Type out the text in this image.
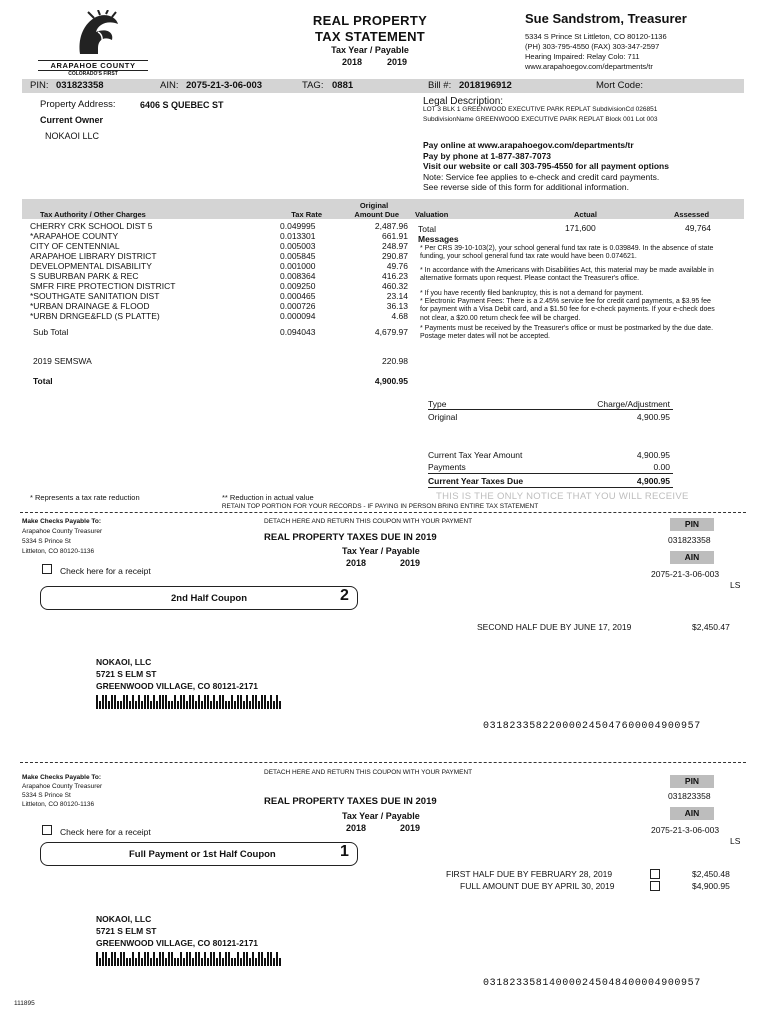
ARAPAHOE COUNTY
COLORADO'S FIRST
REAL PROPERTY
TAX STATEMENT
Tax Year / Payable
2018	2019
Sue Sandstrom, Treasurer
5334 S Prince St Littleton, CO 80120-1136
(PH) 303-795-4550 (FAX) 303-347-2597
Hearing Impaired: Relay Colo: 711
www.arapahoegov.com/departments/tr
PIN: 031823358	AIN: 2075-21-3-06-003	TAG: 0881	Bill #: 2018196912	Mort Code:
Property Address:	6406 S QUEBEC ST
Current Owner
NOKAOI LLC
Legal Description:
LOT 3 BLK 1 GREENWOOD EXECUTIVE PARK REPLAT SubdivisionCd 026851
SubdivisionName GREENWOOD EXECUTIVE PARK REPLAT Block 001 Lot 003
Pay online at www.arapahoegov.com/departments/tr
Pay by phone at 1-877-387-7073
Visit our website or call 303-795-4550 for all payment options
Note: Service fee applies to e-check and credit card payments.
See reverse side of this form for additional information.
Original
Tax Authority / Other Charges	Tax Rate	Amount Due Valuation	Actual	Assessed
CHERRY CRK SCHOOL DIST 5	0.049995	2,487.96
*ARAPAHOE COUNTY	0.013301	661.91
CITY OF CENTENNIAL	0.005003	248.97
ARAPAHOE LIBRARY DISTRICT	0.005845	290.87
DEVELOPMENTAL DISABILITY	0.001000	49.76
S SUBURBAN PARK & REC	0.008364	416.23
SMFR FIRE PROTECTION DISTRICT	0.009250	460.32
*SOUTHGATE SANITATION DIST	0.000465	23.14
*URBAN DRAINAGE & FLOOD	0.000726	36.13
*URBN DRNGE&FLD (S PLATTE)	0.000094	4.68
Sub Total	0.094043	4,679.97
2019 SEMSWA	220.98
Total	4,900.95
Total	171,600	49,764
Messages
* Per CRS 39-10-103(2), your school general fund tax rate is 0.039849. In the absence of state funding, your school general fund tax rate would have been 0.074621.
* In accordance with the Americans with Disabilities Act, this material may be made available in alternative formats upon request. Please contact the Treasurer's office.
* If you have recently filed bankruptcy, this is not a demand for payment.
* Electronic Payment Fees: There is a 2.45% service fee for credit card payments, a $3.95 fee for payment with a Visa Debit card, and a $1.50 fee for e-check payments. If your e-check does not clear, a $20.00 return check fee will be charged.
* Payments must be received by the Treasurer's office or must be postmarked by the due date. Postage meter dates will not be accepted.
Type	Charge/Adjustment
Original	4,900.95
Current Tax Year Amount	4,900.95
Payments	0.00
Current Year Taxes Due	4,900.95
* Represents a tax rate reduction	** Reduction in actual value	THIS IS THE ONLY NOTICE THAT YOU WILL RECEIVE
RETAIN TOP PORTION FOR YOUR RECORDS - IF PAYING IN PERSON BRING ENTIRE TAX STATEMENT
Make Checks Payable To:
Arapahoe County Treasurer
5334 S Prince St
Littleton, CO 80120-1136
DETACH HERE AND RETURN THIS COUPON WITH YOUR PAYMENT
REAL PROPERTY TAXES DUE IN 2019
Tax Year / Payable
2018	2019
Check here for a receipt
PIN
031823358
AIN
2075-21-3-06-003
LS
2nd Half Coupon	2
SECOND HALF DUE BY JUNE 17, 2019	$2,450.47
NOKAOI, LLC
5721 S ELM ST
GREENWOOD VILLAGE, CO 80121-2171
031823358220000245047600004900957
DETACH HERE AND RETURN THIS COUPON WITH YOUR PAYMENT
Make Checks Payable To:
Arapahoe County Treasurer
5334 S Prince St
Littleton, CO 80120-1136	REAL PROPERTY TAXES DUE IN 2019
Tax Year / Payable
2018	2019
Check here for a receipt
PIN
031823358
AIN
2075-21-3-06-003
LS
Full Payment or 1st Half Coupon	1
FIRST HALF DUE BY FEBRUARY 28, 2019	$2,450.48
FULL AMOUNT DUE BY APRIL 30, 2019	$4,900.95
NOKAOI, LLC
5721 S ELM ST
GREENWOOD VILLAGE, CO 80121-2171
031823358140000245048400004900957
111895
